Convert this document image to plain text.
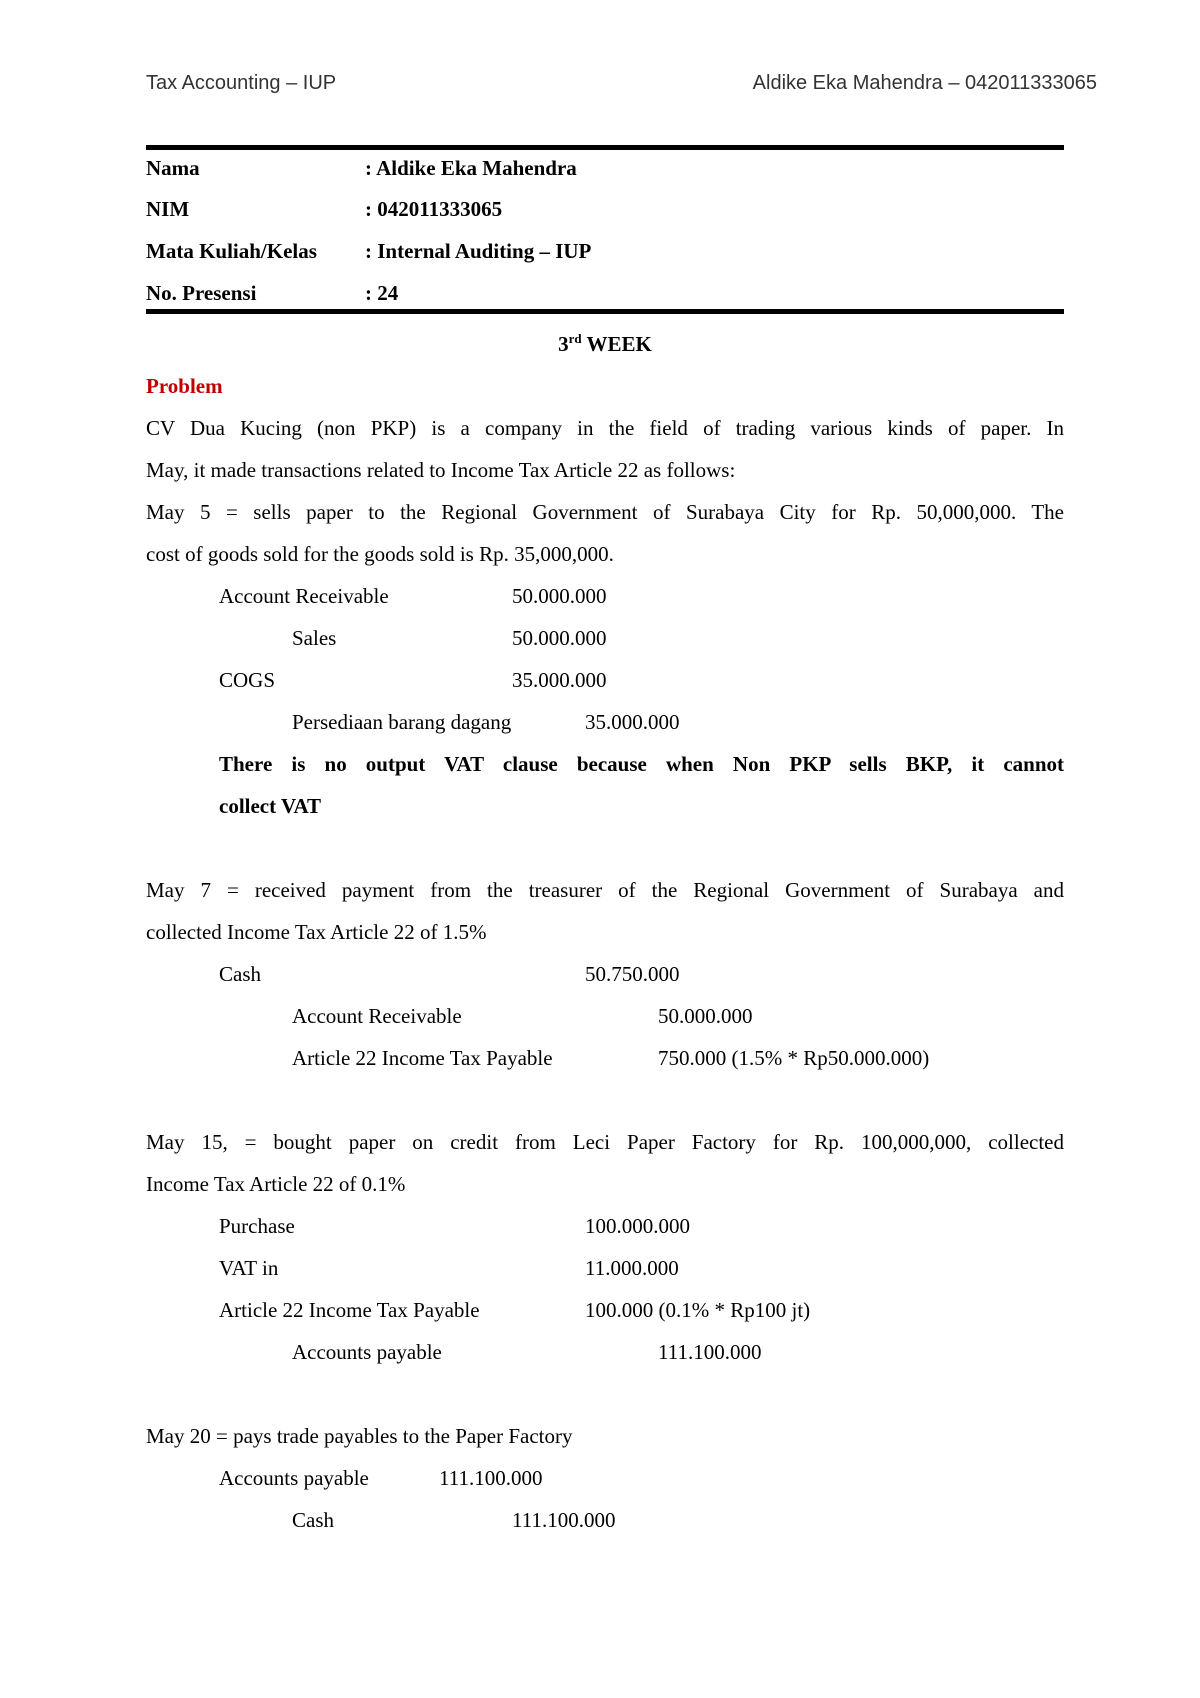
Tax Accounting – IUP	Aldike Eka Mahendra – 042011333065
Nama	: Aldike Eka Mahendra
NIM	: 042011333065
Mata Kuliah/Kelas : Internal Auditing – IUP
No. Presensi	: 24
3rd WEEK
Problem
CV Dua Kucing (non PKP) is a company in the field of trading various kinds of paper. In
May, it made transactions related to Income Tax Article 22 as follows:
May 5 = sells paper to the Regional Government of Surabaya City for Rp. 50,000,000. The
cost of goods sold for the goods sold is Rp. 35,000,000.
Account Receivable	50.000.000
Sales	50.000.000
COGS	35.000.000
Persediaan barang dagang	35.000.000
There is no output VAT clause because when Non PKP sells BKP, it cannot
collect VAT
May 7 = received payment from the treasurer of the Regional Government of Surabaya and
collected Income Tax Article 22 of 1.5%
Cash	50.750.000
Account Receivable	50.000.000
Article 22 Income Tax Payable	750.000 (1.5% * Rp50.000.000)
May 15, = bought paper on credit from Leci Paper Factory for Rp. 100,000,000, collected
Income Tax Article 22 of 0.1%
Purchase	100.000.000
VAT in	11.000.000
Article 22 Income Tax Payable	100.000 (0.1% * Rp100 jt)
Accounts payable	111.100.000
May 20 = pays trade payables to the Paper Factory
Accounts payable	111.100.000
Cash	111.100.000
